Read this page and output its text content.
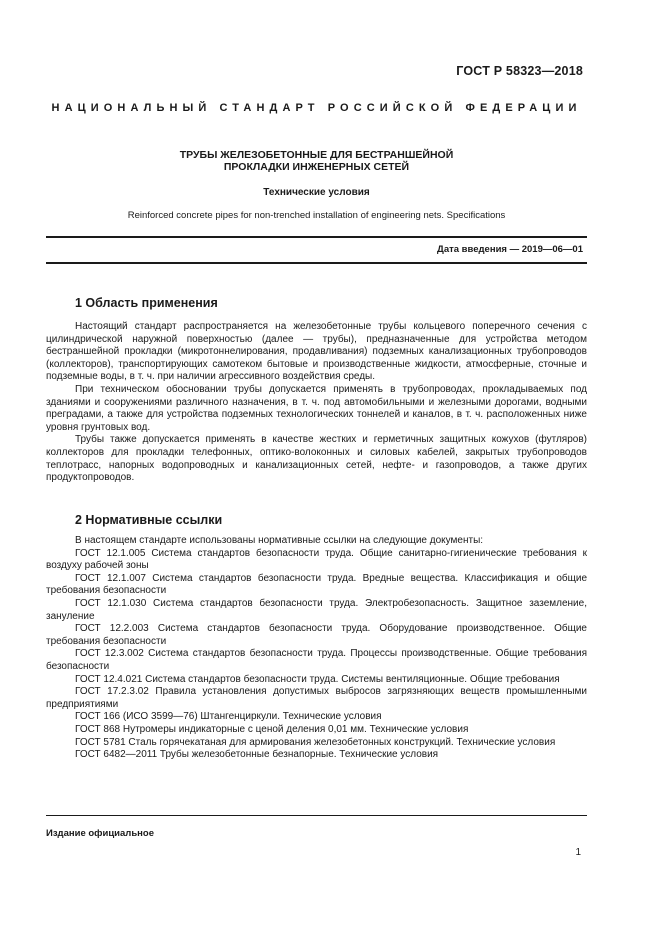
ГОСТ Р 58323—2018
НАЦИОНАЛЬНЫЙ СТАНДАРТ РОССИЙСКОЙ ФЕДЕРАЦИИ
ТРУБЫ ЖЕЛЕЗОБЕТОННЫЕ ДЛЯ БЕСТРАНШЕЙНОЙ
ПРОКЛАДКИ ИНЖЕНЕРНЫХ СЕТЕЙ
Технические условия
Reinforced concrete pipes for non-trenched installation of engineering nets. Specifications
Дата введения — 2019—06—01
1 Область применения

Настоящий стандарт распространяется на железобетонные трубы кольцевого поперечного сечения с цилиндрической наружной поверхностью (далее — трубы), предназначенные для устройства методом бестраншейной прокладки (микротоннелирования, продавливания) подземных канализационных трубопроводов (коллекторов), транспортирующих самотеком бытовые и производственные жидкости, атмосферные, сточные и подземные воды, в т. ч. при наличии агрессивного воздействия среды.

При техническом обосновании трубы допускается применять в трубопроводах, прокладываемых под зданиями и сооружениями различного назначения, в т. ч. под автомобильными и железными дорогами, водными преградами, а также для устройства подземных технологических тоннелей и каналов, в т. ч. расположенных ниже уровня грунтовых вод.

Трубы также допускается применять в качестве жестких и герметичных защитных кожухов (футляров) коллекторов для прокладки телефонных, оптико-волоконных и силовых кабелей, закрытых трубопроводов теплотрасс, напорных водопроводных и канализационных сетей, нефте- и газопроводов, а также других продуктопроводов.

2 Нормативные ссылки

В настоящем стандарте использованы нормативные ссылки на следующие документы:

ГОСТ 12.1.005 Система стандартов безопасности труда. Общие санитарно-гигиенические требования к воздуху рабочей зоны

ГОСТ 12.1.007 Система стандартов безопасности труда. Вредные вещества. Классификация и общие требования безопасности

ГОСТ 12.1.030 Система стандартов безопасности труда. Электробезопасность. Защитное заземление, зануление

ГОСТ 12.2.003 Система стандартов безопасности труда. Оборудование производственное. Общие требования безопасности

ГОСТ 12.3.002 Система стандартов безопасности труда. Процессы производственные. Общие требования безопасности

ГОСТ 12.4.021 Система стандартов безопасности труда. Системы вентиляционные. Общие требования

ГОСТ 17.2.3.02 Правила установления допустимых выбросов загрязняющих веществ промышленными предприятиями

ГОСТ 166 (ИСО 3599—76) Штангенциркули. Технические условия

ГОСТ 868 Нутромеры индикаторные с ценой деления 0,01 мм. Технические условия

ГОСТ 5781 Сталь горячекатаная для армирования железобетонных конструкций. Технические условия

ГОСТ 6482—2011 Трубы железобетонные безнапорные. Технические условия

Издание официальное
1
